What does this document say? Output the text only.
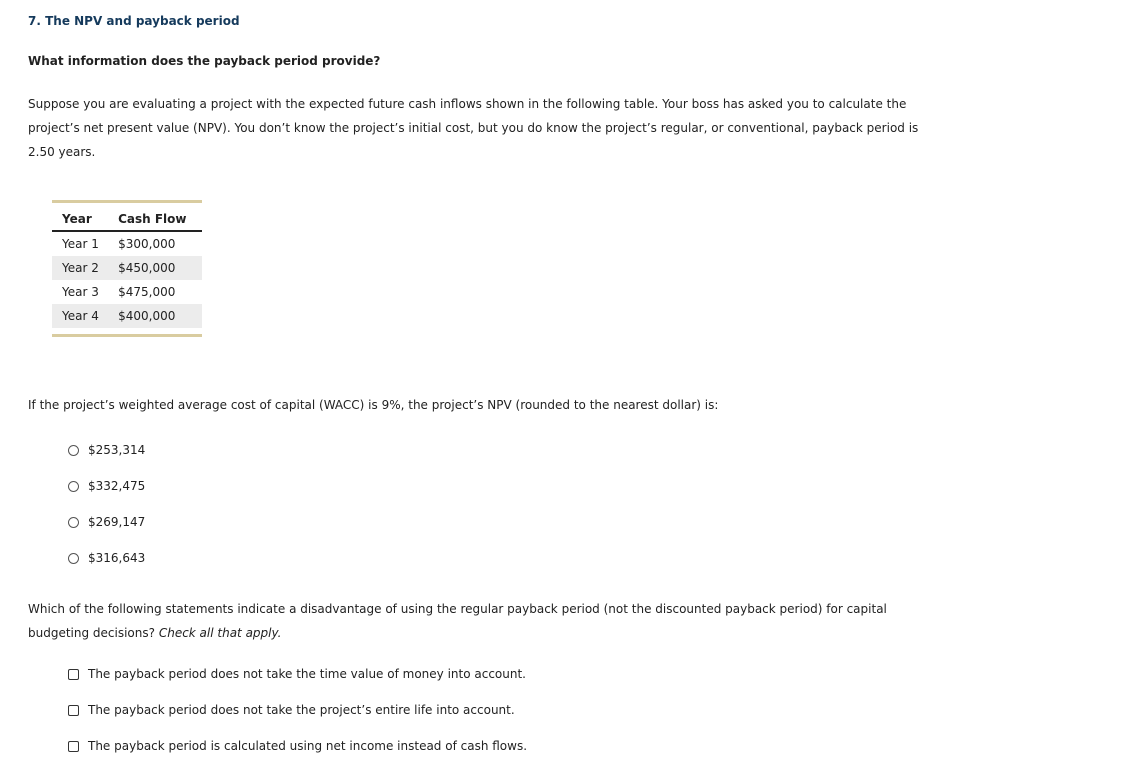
7. The NPV and payback period
What information does the payback period provide?
Suppose you are evaluating a project with the expected future cash inflows shown in the following table. Your boss has asked you to calculate the project’s net present value (NPV). You don’t know the project’s initial cost, but you do know the project’s regular, or conventional, payback period is 2.50 years.
Year	Cash Flow
Year 1	$300,000
Year 2	$450,000
Year 3	$475,000
Year 4	$400,000
If the project’s weighted average cost of capital (WACC) is 9%, the project’s NPV (rounded to the nearest dollar) is:
$253,314
$332,475
$269,147
$316,643
Which of the following statements indicate a disadvantage of using the regular payback period (not the discounted payback period) for capital budgeting decisions? Check all that apply.
The payback period does not take the time value of money into account.
The payback period does not take the project’s entire life into account.
The payback period is calculated using net income instead of cash flows.
